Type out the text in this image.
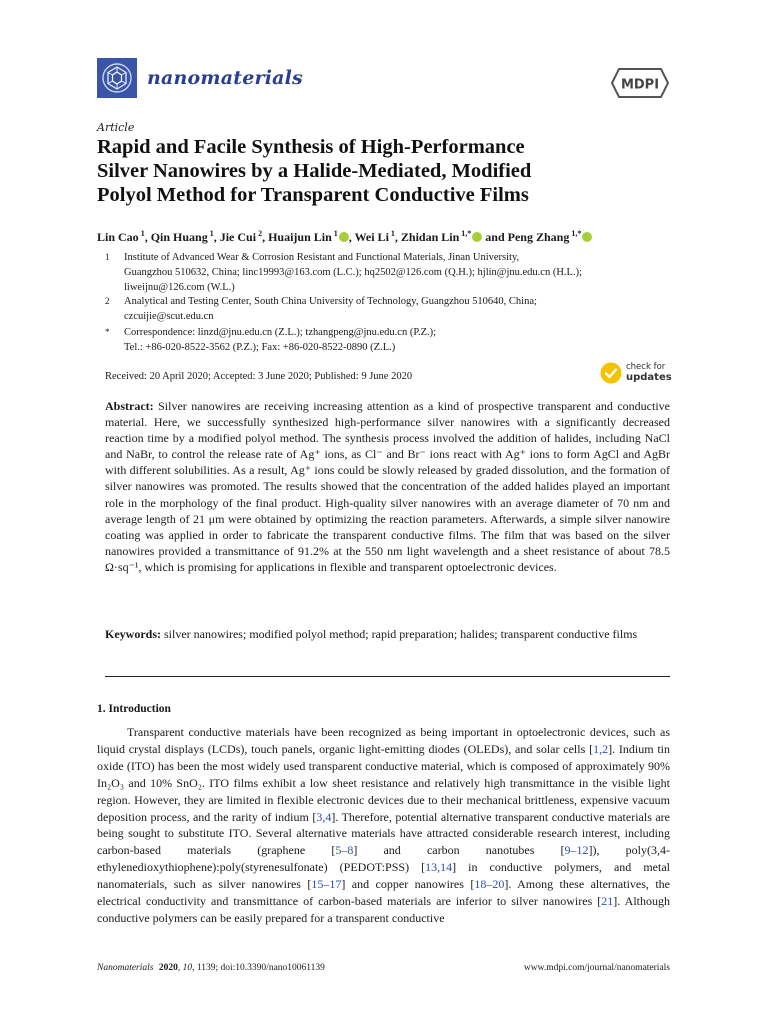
nanomaterials	MDPI
Article
Rapid and Facile Synthesis of High-Performance
Silver Nanowires by a Halide-Mediated, Modified
Polyol Method for Transparent Conductive Films
Lin Cao $^1$, Qin Huang $^1$, Jie Cui $^2$, Huaijun Lin $^1$ , Wei Li $^1$, Zhidan Lin $^{1,*}$ and Peng Zhang $^{1,*}$
1 Institute of Advanced Wear & Corrosion Resistant and Functional Materials, Jinan University,
Guangzhou 510632, China; linc19993@163.com (L.C.); hq2502@126.com (Q.H.); hjlin@jnu.edu.cn (H.L.);
liweijnu@126.com (W.L.)
2 Analytical and Testing Center, South China University of Technology, Guangzhou 510640, China;
czcuijie@scut.edu.cn
* Correspondence: linzd@jnu.edu.cn (Z.L.); tzhangpeng@jnu.edu.cn (P.Z.);
Tel.: +86-020-8522-3562 (P.Z.); Fax: +86-020-8522-0890 (Z.L.)
Received: 20 April 2020; Accepted: 3 June 2020; Published: 9 June 2020
check for
updates
Abstract: Silver nanowires are receiving increasing attention as a kind of prospective transparent and conductive material. Here, we successfully synthesized high-performance silver nanowires with a significantly decreased reaction time by a modified polyol method. The synthesis process involved the addition of halides, including NaCl and NaBr, to control the release rate of Ag⁺ ions, as Cl⁻ and Br⁻ ions react with Ag⁺ ions to form AgCl and AgBr with different solubilities. As a result, Ag⁺ ions could be slowly released by graded dissolution, and the formation of silver nanowires was promoted. The results showed that the concentration of the added halides played an important role in the morphology of the final product. High-quality silver nanowires with an average diameter of 70 nm and average length of 21 μm were obtained by optimizing the reaction parameters. Afterwards, a simple silver nanowire coating was applied in order to fabricate the transparent conductive films. The film that was based on the silver nanowires provided a transmittance of 91.2% at the 550 nm light wavelength and a sheet resistance of about 78.5 Ω·sq⁻¹, which is promising for applications in flexible and transparent optoelectronic devices.
Keywords: silver nanowires; modified polyol method; rapid preparation; halides; transparent conductive films
1. Introduction
Transparent conductive materials have been recognized as being important in optoelectronic devices, such as liquid crystal displays (LCDs), touch panels, organic light-emitting diodes (OLEDs), and solar cells [1,2]. Indium tin oxide (ITO) has been the most widely used transparent conductive material, which is composed of approximately 90% In₂O₃ and 10% SnO₂. ITO films exhibit a low sheet resistance and relatively high transmittance in the visible light region. However, they are limited in flexible electronic devices due to their mechanical brittleness, expensive vacuum deposition process, and the rarity of indium [3,4]. Therefore, potential alternative transparent conductive materials are being sought to substitute ITO. Several alternative materials have attracted considerable research interest, including carbon-based materials (graphene [5–8] and carbon nanotubes [9–12]), poly(3,4-ethylenedioxythiophene):poly(styrenesulfonate) (PEDOT:PSS) [13,14] in conductive polymers, and metal nanomaterials, such as silver nanowires [15–17] and copper nanowires [18–20]. Among these alternatives, the electrical conductivity and transmittance of carbon-based materials are inferior to silver nanowires [21]. Although conductive polymers can be easily prepared for a transparent conductive
Nanomaterials 2020, 10, 1139; doi:10.3390/nano10061139	www.mdpi.com/journal/nanomaterials
